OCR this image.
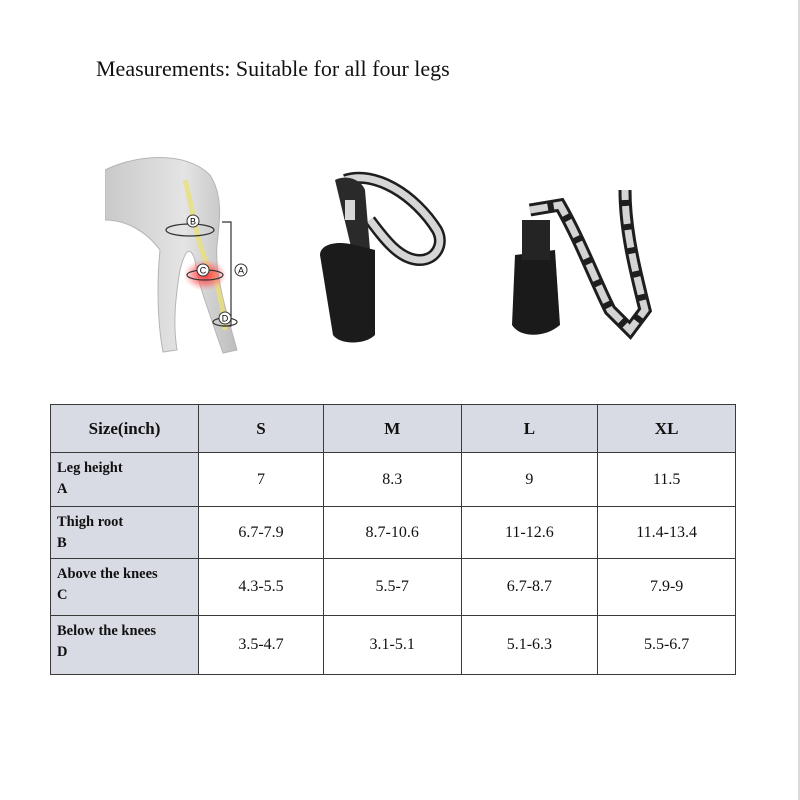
Measurements: Suitable for all four legs
B
C	A
D
Size(inch)	S	M	L	XL

Leg height
A	7	8.3	9	11.5

Thigh root
B	6.7-7.9	8.7-10.6	11-12.6	11.4-13.4

Above the knees
C	4.3-5.5	5.5-7	6.7-8.7	7.9-9

Below the knees
D	3.5-4.7	3.1-5.1	5.1-6.3	5.5-6.7
